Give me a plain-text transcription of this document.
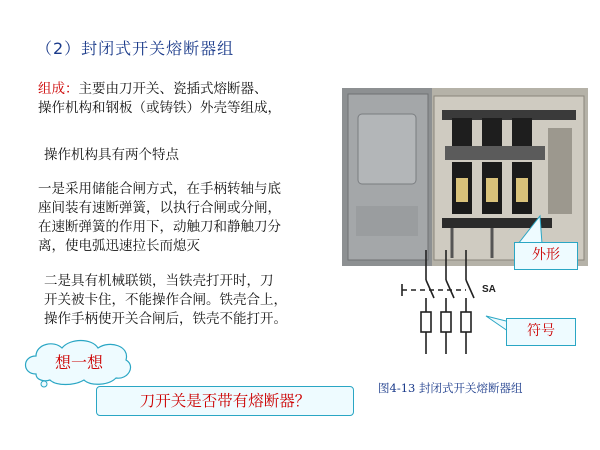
（2）封闭式开关熔断器组
组成：主要由刀开关、瓷插式熔断器、
操作机构和钢板（或铸铁）外壳等组成，
操作机构具有两个特点
一是采用储能合闸方式，在手柄转轴与底
座间装有速断弹簧，以执行合闸或分闸，
在速断弹簧的作用下，动触刀和静触刀分
离，使电弧迅速拉长而熄灭
二是具有机械联锁，当铁壳打开时，刀
开关被卡住，不能操作合闸。铁壳合上，
操作手柄使开关合闸后，铁壳不能打开。
外形
SA
符号
图4-13 封闭式开关熔断器组
想一想
刀开关是否带有熔断器？
